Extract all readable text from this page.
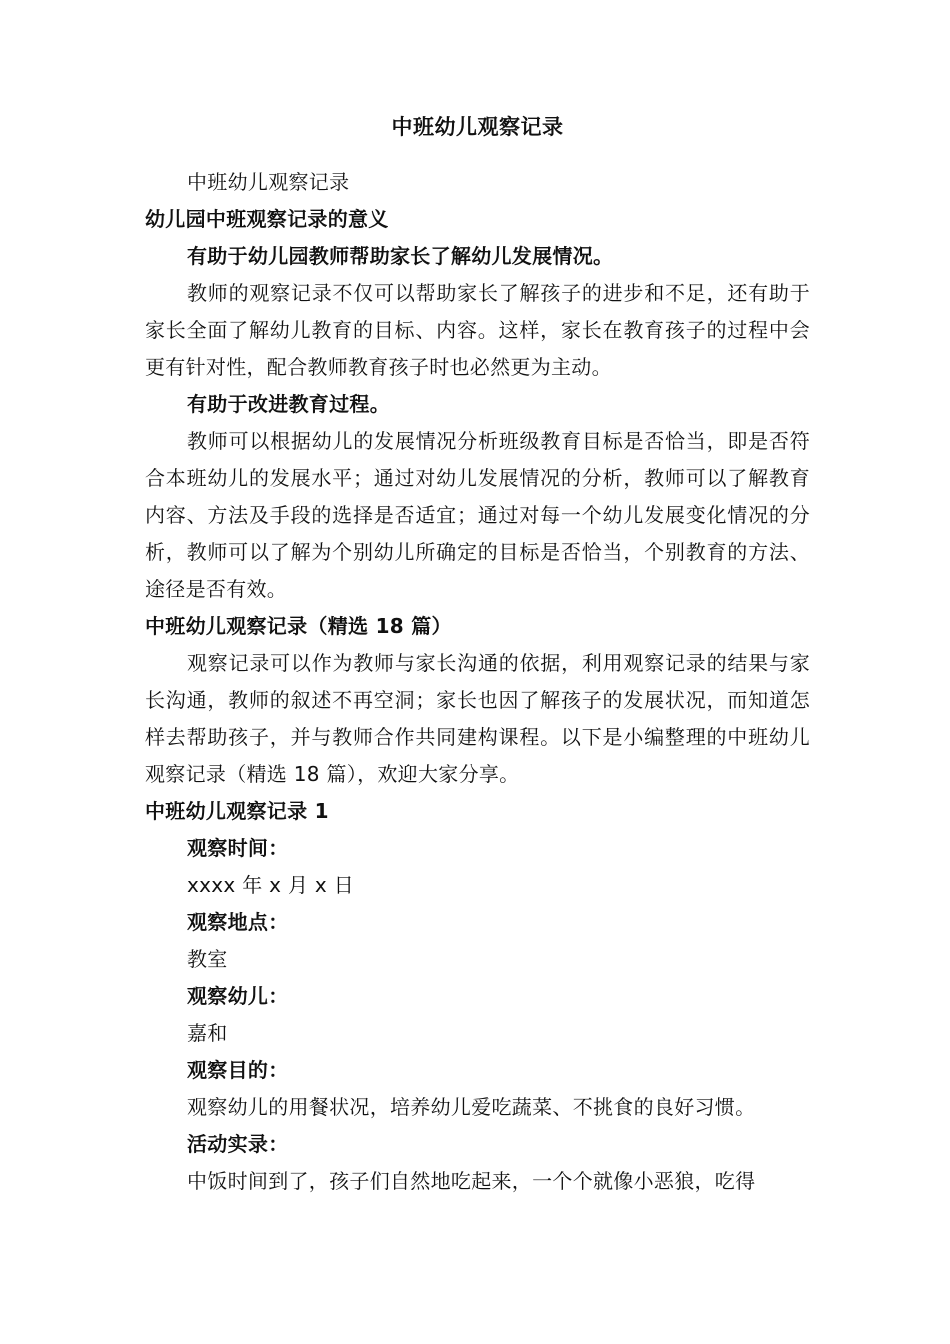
中班幼儿观察记录

中班幼儿观察记录

幼儿园中班观察记录的意义

有助于幼儿园教师帮助家长了解幼儿发展情况。

教师的观察记录不仅可以帮助家长了解孩子的进步和不足，还有助于家长全面了解幼儿教育的目标、内容。这样，家长在教育孩子的过程中会更有针对性，配合教师教育孩子时也必然更为主动。

有助于改进教育过程。

教师可以根据幼儿的发展情况分析班级教育目标是否恰当，即是否符合本班幼儿的发展水平；通过对幼儿发展情况的分析，教师可以了解教育内容、方法及手段的选择是否适宜；通过对每一个幼儿发展变化情况的分析，教师可以了解为个别幼儿所确定的目标是否恰当，个别教育的方法、途径是否有效。

中班幼儿观察记录（精选 18 篇）

观察记录可以作为教师与家长沟通的依据，利用观察记录的结果与家长沟通，教师的叙述不再空洞；家长也因了解孩子的发展状况，而知道怎样去帮助孩子，并与教师合作共同建构课程。以下是小编整理的中班幼儿观察记录（精选 18 篇），欢迎大家分享。

中班幼儿观察记录 1

观察时间：

xxxx 年 x 月 x 日

观察地点：

教室

观察幼儿：

嘉和

观察目的：

观察幼儿的用餐状况，培养幼儿爱吃蔬菜、不挑食的良好习惯。

活动实录：

中饭时间到了，孩子们自然地吃起来，一个个就像小恶狼，吃得
